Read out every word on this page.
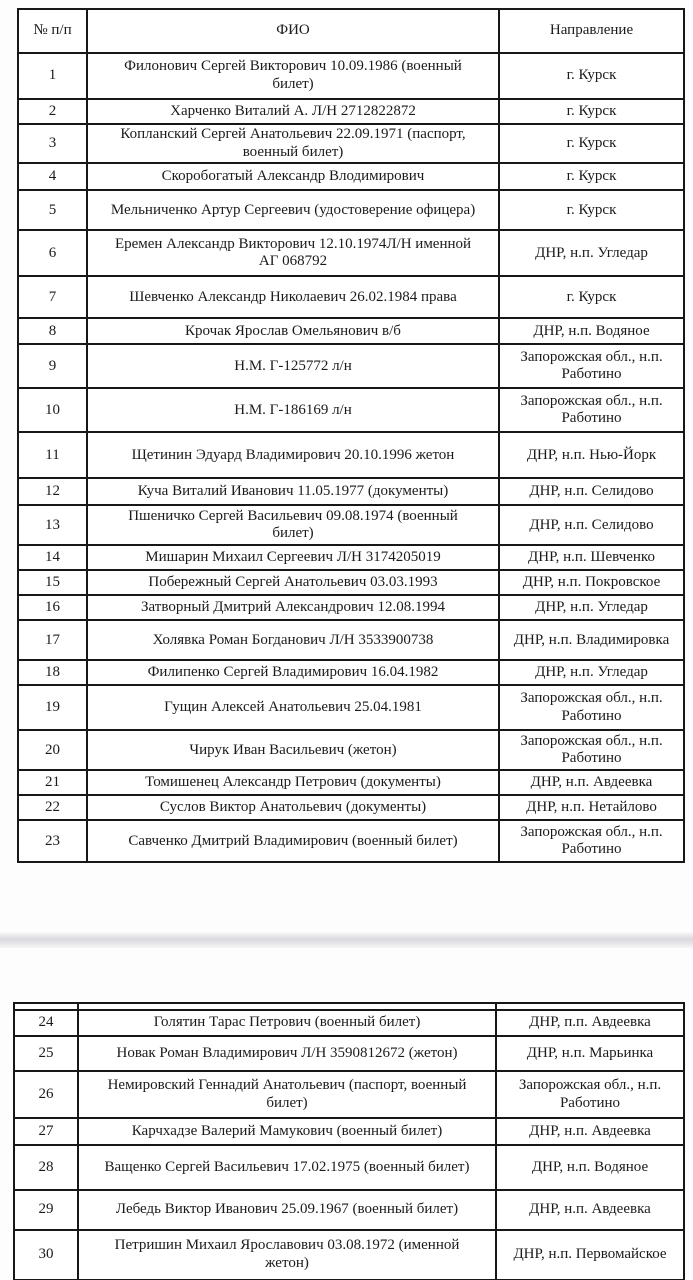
№ п/п	ФИО	Направление
1	Филонович Сергей Викторович 10.09.1986 (военный билет)	г. Курск
2	Харченко Виталий А. Л/Н 2712822872	г. Курск
3	Копланский Сергей Анатольевич 22.09.1971 (паспорт, военный билет)	г. Курск
4	Скоробогатый Александр Влодимирович	г. Курск
5	Мельниченко Артур Сергеевич (удостоверение офицера)	г. Курск
6	Еремен Александр Викторович 12.10.1974Л/Н именной АГ 068792	ДНР, н.п. Угледар
7	Шевченко Александр Николаевич 26.02.1984 права	г. Курск
8	Крочак Ярослав Омельянович в/б	ДНР, н.п. Водяное
9	Н.М. Г-125772 л/н	Запорожская обл., н.п. Работино
10	Н.М. Г-186169 л/н	Запорожская обл., н.п. Работино
11	Щетинин Эдуард Владимирович 20.10.1996 жетон	ДНР, н.п. Нью-Йорк
12	Куча Виталий Иванович 11.05.1977 (документы)	ДНР, н.п. Селидово
13	Пшеничко Сергей Васильевич 09.08.1974 (военный билет)	ДНР, н.п. Селидово
14	Мишарин Михаил Сергеевич Л/Н 3174205019	ДНР, н.п. Шевченко
15	Побережный Сергей Анатольевич 03.03.1993	ДНР, н.п. Покровское
16	Затворный Дмитрий Александрович 12.08.1994	ДНР, н.п. Угледар
17	Холявка Роман Богданович Л/Н 3533900738	ДНР, н.п. Владимировка
18	Филипенко Сергей Владимирович 16.04.1982	ДНР, н.п. Угледар
19	Гущин Алексей Анатольевич 25.04.1981	Запорожская обл., н.п. Работино
20	Чирук Иван Васильевич (жетон)	Запорожская обл., н.п. Работино
21	Томишенец Александр Петрович (документы)	ДНР, н.п. Авдеевка
22	Суслов Виктор Анатольевич (документы)	ДНР, н.п. Нетайлово
23	Савченко Дмитрий Владимирович (военный билет)	Запорожская обл., н.п. Работино

24	Голятин Тарас Петрович (военный билет)	ДНР, п.п. Авдеевка
25	Новак Роман Владимирович Л/Н 3590812672 (жетон)	ДНР, н.п. Марьинка
26	Немировский Геннадий Анатольевич (паспорт, военный билет)	Запорожская обл., н.п. Работино
27	Карчхадзе Валерий Мамукович (военный билет)	ДНР, н.п. Авдеевка
28	Ващенко Сергей Васильевич 17.02.1975 (военный билет)	ДНР, н.п. Водяное
29	Лебедь Виктор Иванович 25.09.1967 (военный билет)	ДНР, н.п. Авдеевка
30	Петришин Михаил Ярославович 03.08.1972 (именной жетон)	ДНР, н.п. Первомайское
